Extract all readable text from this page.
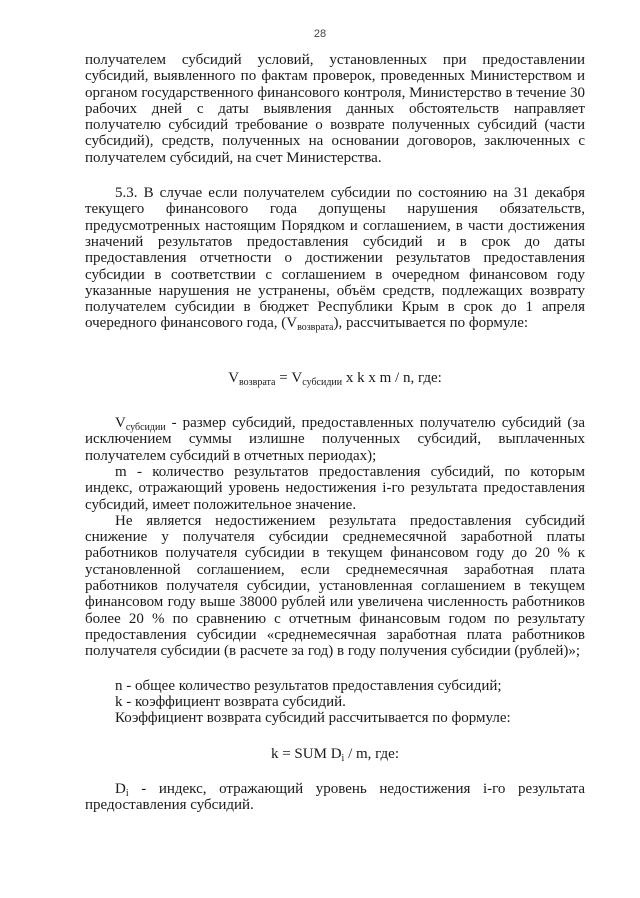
28

получателем субсидий условий, установленных при предоставлении субсидий, выявленного по фактам проверок, проведенных Министерством и органом государственного финансового контроля, Министерство в течение 30 рабочих дней с даты выявления данных обстоятельств направляет получателю субсидий требование о возврате полученных субсидий (части субсидий), средств, полученных на основании договоров, заключенных с получателем субсидий, на счет Министерства.

5.3. В случае если получателем субсидии по состоянию на 31 декабря текущего финансового года допущены нарушения обязательств, предусмотренных настоящим Порядком и соглашением, в части достижения значений результатов предоставления субсидий и в срок до даты предоставления отчетности о достижении результатов предоставления субсидии в соответствии с соглашением в очередном финансовом году указанные нарушения не устранены, объём средств, подлежащих возврату получателем субсидии в бюджет Республики Крым в срок до 1 апреля очередного финансового года, $(V_{возврата})$, рассчитывается по формуле:

$V_{возврата} = V_{субсидии}$ x k x m / n, где:

$V_{субсидии}$ - размер субсидий, предоставленных получателю субсидий (за исключением суммы излишне полученных субсидий, выплаченных получателем субсидий в отчетных периодах);

m - количество результатов предоставления субсидий, по которым индекс, отражающий уровень недостижения i-го результата предоставления субсидий, имеет положительное значение.

Не является недостижением результата предоставления субсидий снижение у получателя субсидии среднемесячной заработной платы работников получателя субсидии в текущем финансовом году до 20 % к установленной соглашением, если среднемесячная заработная плата работников получателя субсидии, установленная соглашением в текущем финансовом году выше 38000 рублей или увеличена численность работников более 20 % по сравнению с отчетным финансовым годом по результату предоставления субсидии «среднемесячная заработная плата работников получателя субсидии (в расчете за год) в году получения субсидии (рублей)»;

n - общее количество результатов предоставления субсидий;

k - коэффициент возврата субсидий.

Коэффициент возврата субсидий рассчитывается по формуле:

k = SUM $D_i$ / m, где:

$D_i$ - индекс, отражающий уровень недостижения i-го результата предоставления субсидий.
